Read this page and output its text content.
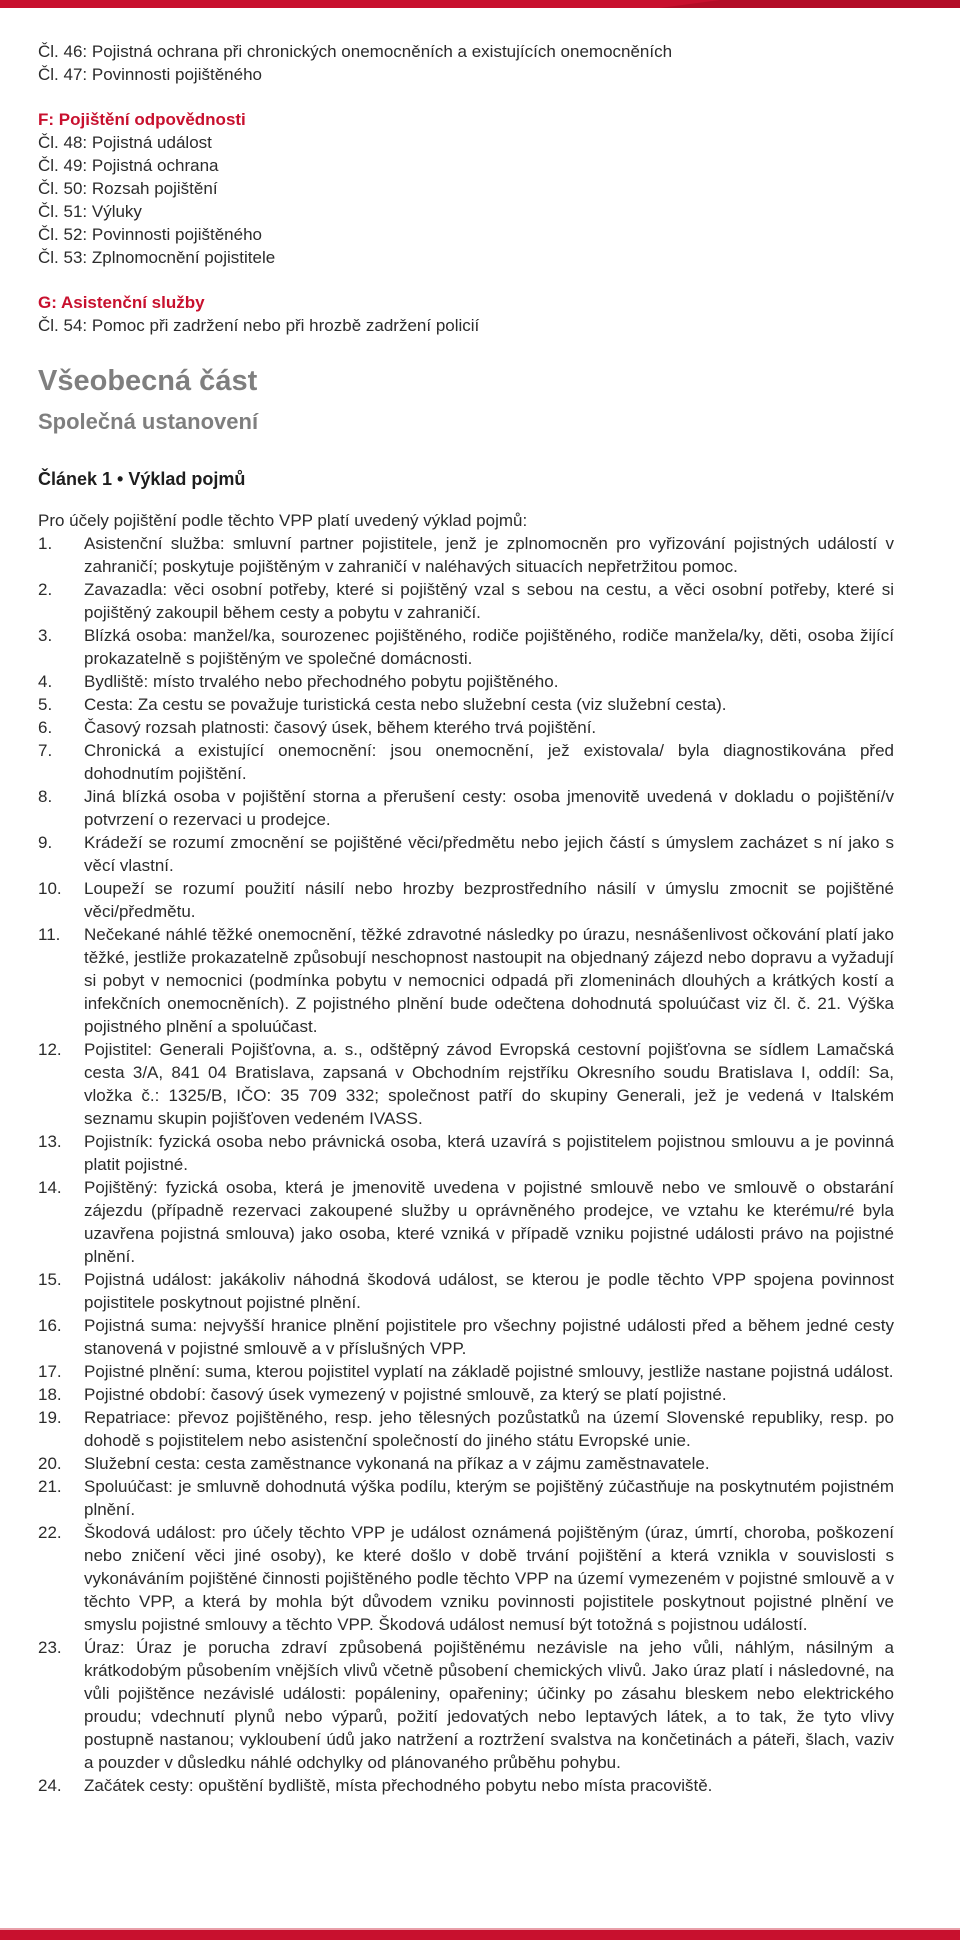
Čl. 46: Pojistná ochrana při chronických onemocněních a existujících onemocněních

Čl. 47: Povinnosti pojištěného

F: Pojištění odpovědnosti

Čl. 48: Pojistná událost

Čl. 49: Pojistná ochrana

Čl. 50: Rozsah pojištění

Čl. 51: Výluky

Čl. 52: Povinnosti pojištěného

Čl. 53: Zplnomocnění pojistitele

G: Asistenční služby

Čl. 54: Pomoc při zadržení nebo při hrozbě zadržení policií

Všeobecná část
Společná ustanovení
Článek 1 • Výklad pojmů

Pro účely pojištění podle těchto VPP platí uvedený výklad pojmů:

1.	Asistenční služba: smluvní partner pojistitele, jenž je zplnomocněn pro vyřizování pojistných událostí v zahraničí; poskytuje pojištěným v zahraničí v naléhavých situacích nepřetržitou pomoc.
2.	Zavazadla: věci osobní potřeby, které si pojištěný vzal s sebou na cestu, a věci osobní potřeby, které si pojištěný zakoupil během cesty a pobytu v zahraničí.
3.	Blízká osoba: manžel/ka, sourozenec pojištěného, rodiče pojištěného, rodiče manžela/ky, děti, osoba žijící prokazatelně s pojištěným ve společné domácnosti.
4.	Bydliště: místo trvalého nebo přechodného pobytu pojištěného.
5.	Cesta: Za cestu se považuje turistická cesta nebo služební cesta (viz služební cesta).
6.	Časový rozsah platnosti: časový úsek, během kterého trvá pojištění.
7.	Chronická a existující onemocnění: jsou onemocnění, jež existovala/ byla diagnostikována před dohodnutím pojištění.
8.	Jiná blízká osoba v pojištění storna a přerušení cesty: osoba jmenovitě uvedená v dokladu o pojištění/v potvrzení o rezervaci u prodejce.
9.	Krádeží se rozumí zmocnění se pojištěné věci/předmětu nebo jejich částí s úmyslem zacházet s ní jako s věcí vlastní.
10.	Loupeží se rozumí použití násilí nebo hrozby bezprostředního násilí v úmyslu zmocnit se pojištěné věci/předmětu.
11.	Nečekané náhlé těžké onemocnění, těžké zdravotné následky po úrazu, nesnášenlivost očkování platí jako těžké, jestliže prokazatelně způsobují neschopnost nastoupit na objednaný zájezd nebo dopravu a vyžadují si pobyt v nemocnici (podmínka pobytu v nemocnici odpadá při zlomeninách dlouhých a krátkých kostí a infekčních onemocněních). Z pojistného plnění bude odečtena dohodnutá spoluúčast viz čl. č. 21. Výška pojistného plnění a spoluúčast.
12.	Pojistitel: Generali Pojišťovna, a. s., odštěpný závod Evropská cestovní pojišťovna se sídlem Lamačská cesta 3/A, 841 04 Bratislava, zapsaná v Obchodním rejstříku Okresního soudu Bratislava I, oddíl: Sa, vložka č.: 1325/B, IČO: 35 709 332; společnost patří do skupiny Generali, jež je vedená v Italském seznamu skupin pojišťoven vedeném IVASS.
13.	Pojistník: fyzická osoba nebo právnická osoba, která uzavírá s pojistitelem pojistnou smlouvu a je povinná platit pojistné.
14.	Pojištěný: fyzická osoba, která je jmenovitě uvedena v pojistné smlouvě nebo ve smlouvě o obstarání zájezdu (případně rezervaci zakoupené služby u oprávněného prodejce, ve vztahu ke kterému/ré byla uzavřena pojistná smlouva) jako osoba, které vzniká v případě vzniku pojistné události právo na pojistné plnění.
15.	Pojistná událost: jakákoliv náhodná škodová událost, se kterou je podle těchto VPP spojena povinnost pojistitele poskytnout pojistné plnění.
16.	Pojistná suma: nejvyšší hranice plnění pojistitele pro všechny pojistné události před a během jedné cesty stanovená v pojistné smlouvě a v příslušných VPP.
17.	Pojistné plnění: suma, kterou pojistitel vyplatí na základě pojistné smlouvy, jestliže nastane pojistná událost.
18.	Pojistné období: časový úsek vymezený v pojistné smlouvě, za který se platí pojistné.
19.	Repatriace: převoz pojištěného, resp. jeho tělesných pozůstatků na území Slovenské republiky, resp. po dohodě s pojistitelem nebo asistenční společností do jiného státu Evropské unie.
20.	Služební cesta: cesta zaměstnance vykonaná na příkaz a v zájmu zaměstnavatele.
21.	Spoluúčast: je smluvně dohodnutá výška podílu, kterým se pojištěný zúčastňuje na poskytnutém pojistném plnění.
22.	Škodová událost: pro účely těchto VPP je událost oznámená pojištěným (úraz, úmrtí, choroba, poškození nebo zničení věci jiné osoby), ke které došlo v době trvání pojištění a která vznikla v souvislosti s vykonáváním pojištěné činnosti pojištěného podle těchto VPP na území vymezeném v pojistné smlouvě a v těchto VPP, a která by mohla být důvodem vzniku povinnosti pojistitele poskytnout pojistné plnění ve smyslu pojistné smlouvy a těchto VPP. Škodová událost nemusí být totožná s pojistnou událostí.
23.	Úraz: Úraz je porucha zdraví způsobená pojištěnému nezávisle na jeho vůli, náhlým, násilným a krátkodobým působením vnějších vlivů včetně působení chemických vlivů. Jako úraz platí i následovné, na vůli pojištěnce nezávislé události: popáleniny, opařeniny; účinky po zásahu bleskem nebo elektrického proudu; vdechnutí plynů nebo výparů, požití jedovatých nebo leptavých látek, a to tak, že tyto vlivy postupně nastanou; vykloubení údů jako natržení a roztržení svalstva na končetinách a páteři, šlach, vaziv a pouzder v důsledku náhlé odchylky od plánovaného průběhu pohybu.
24.	Začátek cesty: opuštění bydliště, místa přechodného pobytu nebo místa pracoviště.
